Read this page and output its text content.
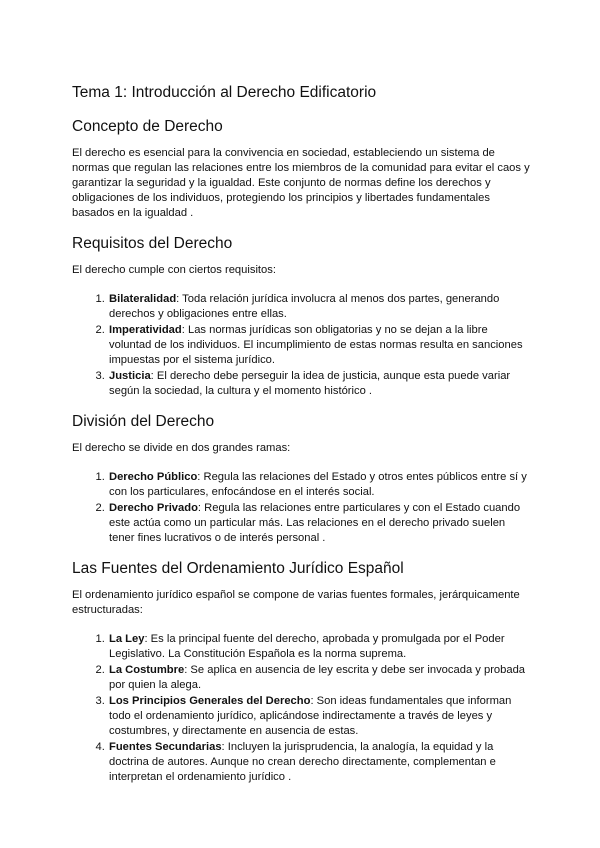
Tema 1: Introducción al Derecho Edificatorio
Concepto de Derecho

El derecho es esencial para la convivencia en sociedad, estableciendo un sistema de normas que regulan las relaciones entre los miembros de la comunidad para evitar el caos y garantizar la seguridad y la igualdad. Este conjunto de normas define los derechos y obligaciones de los individuos, protegiendo los principios y libertades fundamentales basados en la igualdad .

Requisitos del Derecho

El derecho cumple con ciertos requisitos:

1. Bilateralidad: Toda relación jurídica involucra al menos dos partes, generando derechos y obligaciones entre ellas.
2. Imperatividad: Las normas jurídicas son obligatorias y no se dejan a la libre voluntad de los individuos. El incumplimiento de estas normas resulta en sanciones impuestas por el sistema jurídico.
3. Justicia: El derecho debe perseguir la idea de justicia, aunque esta puede variar según la sociedad, la cultura y el momento histórico .
División del Derecho

El derecho se divide en dos grandes ramas:

1. Derecho Público: Regula las relaciones del Estado y otros entes públicos entre sí y con los particulares, enfocándose en el interés social.
2. Derecho Privado: Regula las relaciones entre particulares y con el Estado cuando este actúa como un particular más. Las relaciones en el derecho privado suelen tener fines lucrativos o de interés personal .
Las Fuentes del Ordenamiento Jurídico Español

El ordenamiento jurídico español se compone de varias fuentes formales, jerárquicamente estructuradas:

1. La Ley: Es la principal fuente del derecho, aprobada y promulgada por el Poder Legislativo. La Constitución Española es la norma suprema.
2. La Costumbre: Se aplica en ausencia de ley escrita y debe ser invocada y probada por quien la alega.
3. Los Principios Generales del Derecho: Son ideas fundamentales que informan todo el ordenamiento jurídico, aplicándose indirectamente a través de leyes y costumbres, y directamente en ausencia de estas.
4. Fuentes Secundarias: Incluyen la jurisprudencia, la analogía, la equidad y la doctrina de autores. Aunque no crean derecho directamente, complementan e interpretan el ordenamiento jurídico .
